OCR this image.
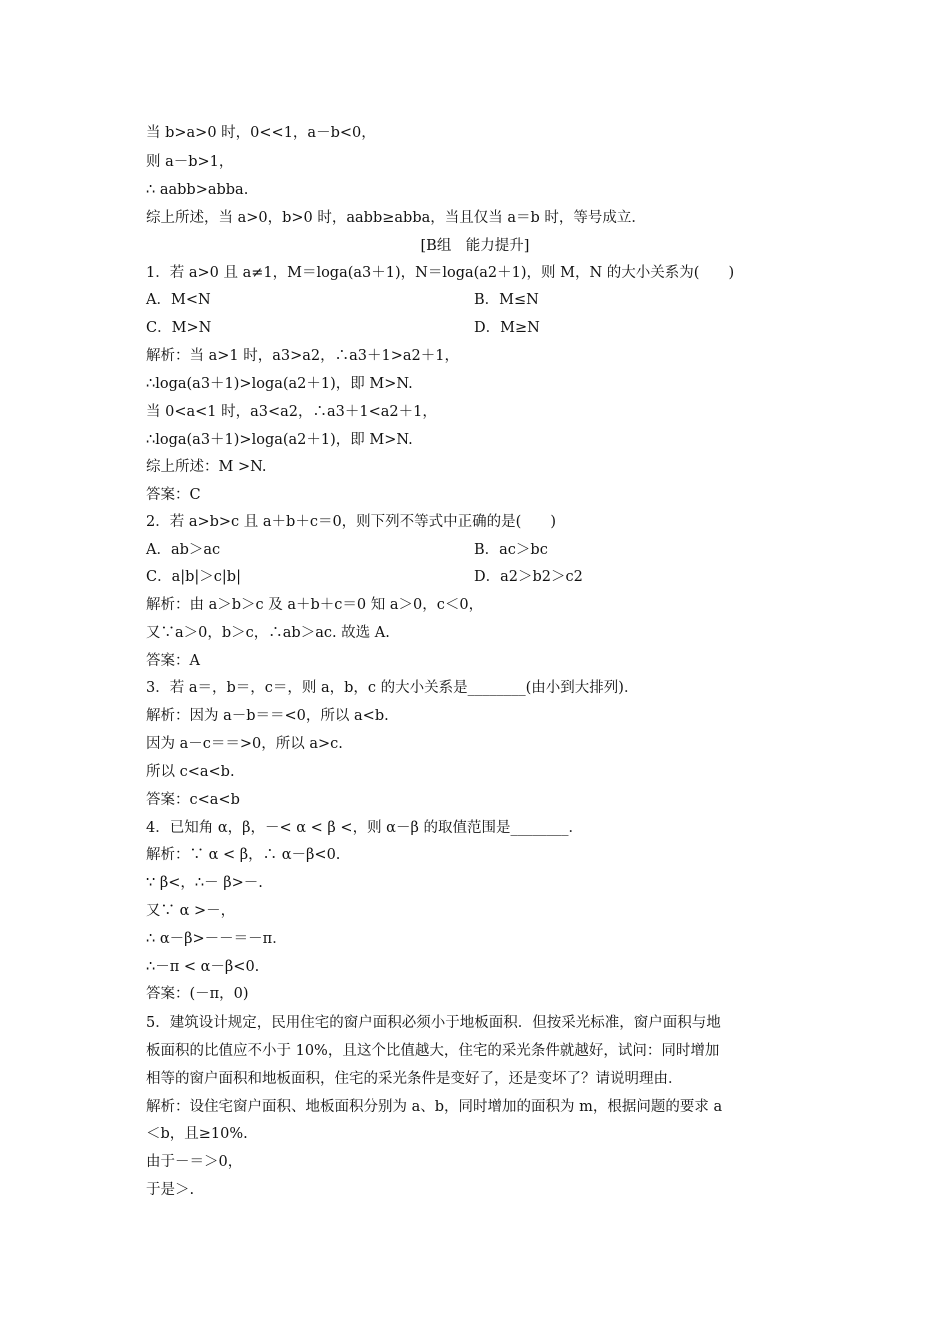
当 b>a>0 时，0<<1，a－b<0，
则 a－b>1，
∴ aabb>abba.
综上所述，当 a>0，b>0 时，aabb≥abba，当且仅当 a＝b 时，等号成立．
[B组　能力提升]
1．若 a>0 且 a≠1，M＝loga(a3＋1)，N＝loga(a2＋1)，则 M，N 的大小关系为(　　)
A．M<N	B．M≤N
C．M>N	D．M≥N
解析：当 a>1 时，a3>a2，∴a3＋1>a2＋1，
∴loga(a3＋1)>loga(a2＋1)，即 M>N.
当 0<a<1 时，a3<a2，∴a3＋1<a2＋1，
∴loga(a3＋1)>loga(a2＋1)，即 M>N.
综上所述：M >N.
答案：C
2．若 a>b>c 且 a＋b＋c＝0，则下列不等式中正确的是(　　)
A．ab＞ac	B．ac＞bc
C．a|b|＞c|b|	D．a2＞b2＞c2
解析：由 a＞b＞c 及 a＋b＋c＝0 知 a＞0，c＜0，
又∵a＞0，b＞c，∴ab＞ac. 故选 A.
答案：A
3．若 a＝，b＝，c＝，则 a，b，c 的大小关系是________(由小到大排列)．
解析：因为 a－b＝＝<0，所以 a<b.
因为 a－c＝＝>0，所以 a>c.
所以 c<a<b.
答案：c<a<b
4．已知角 α，β，－< α < β <，则 α－β 的取值范围是________．
解析：∵ α < β，∴ α－β<0.
∵ β<，∴－ β>－.
又∵ α >－，
∴ α－β>－－＝－π．
∴－π < α－β<0.
答案：(－π，0)
5．建筑设计规定，民用住宅的窗户面积必须小于地板面积．但按采光标准，窗户面积与地
板面积的比值应不小于 10%，且这个比值越大，住宅的采光条件就越好，试问：同时增加
相等的窗户面积和地板面积，住宅的采光条件是变好了，还是变坏了？请说明理由．
解析：设住宅窗户面积、地板面积分别为 a、b，同时增加的面积为 m，根据问题的要求 a
＜b，且≥10%.
由于－＝＞0，
于是＞.
